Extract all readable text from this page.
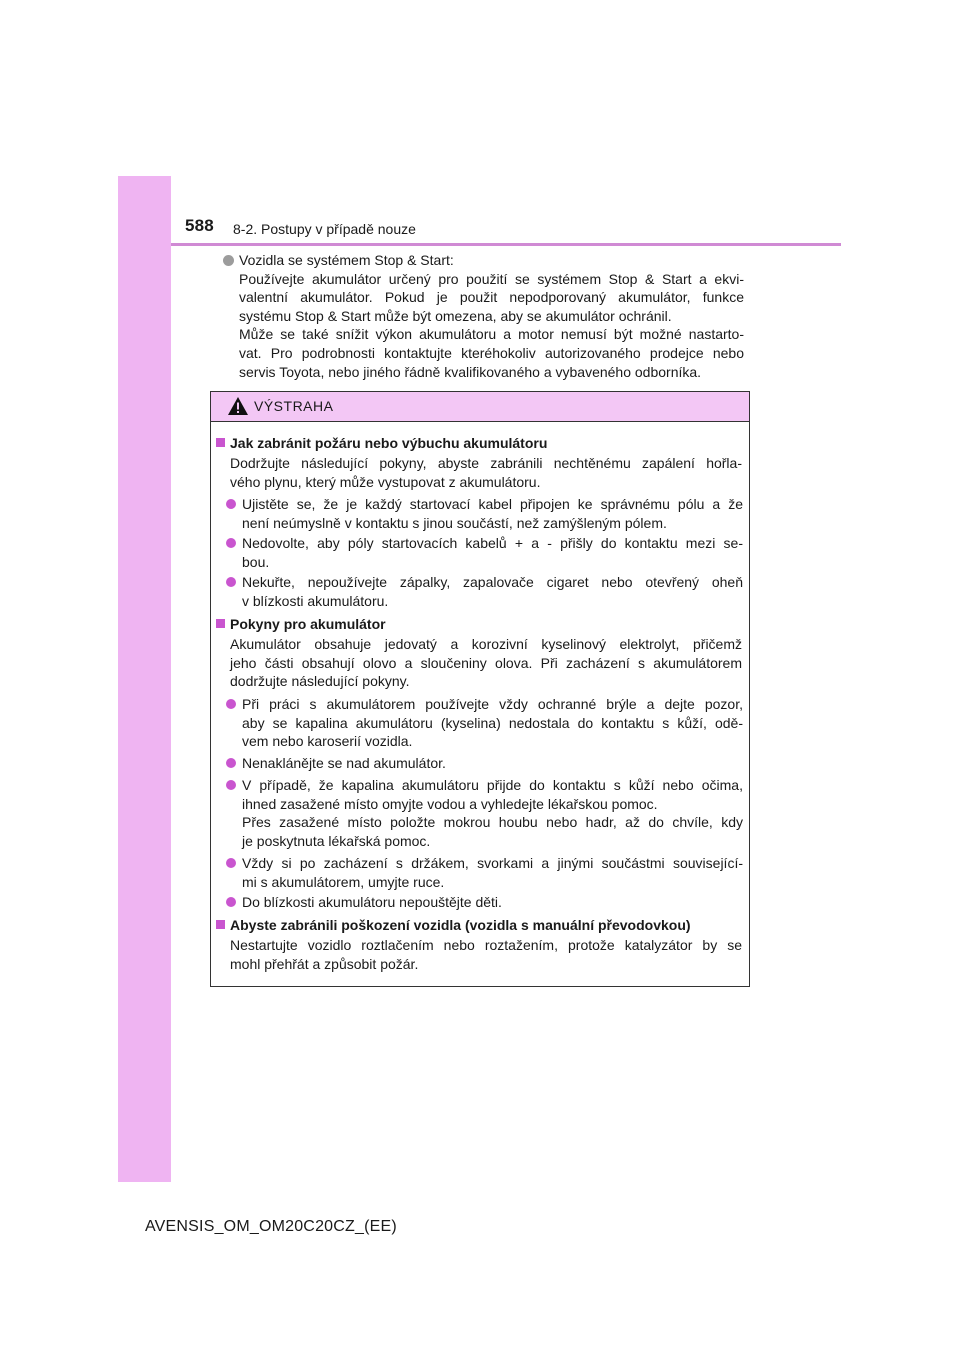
588 8-2. Postupy v případě nouze
Vozidla se systémem Stop & Start:
Používejte akumulátor určený pro použití se systémem Stop & Start a ekvi-
valentní akumulátor. Pokud je použit nepodporovaný akumulátor, funkce
systému Stop & Start může být omezena, aby se akumulátor ochránil.
Může se také snížit výkon akumulátoru a motor nemusí být možné nastarto-
vat. Pro podrobnosti kontaktujte kteréhokoliv autorizovaného prodejce nebo
servis Toyota, nebo jiného řádně kvalifikovaného a vybaveného odborníka.
VÝSTRAHA
Jak zabránit požáru nebo výbuchu akumulátoru
Dodržujte následující pokyny, abyste zabránili nechtěnému zapálení hořla-
vého plynu, který může vystupovat z akumulátoru.
Ujistěte se, že je každý startovací kabel připojen ke správnému pólu a že
není neúmyslně v kontaktu s jinou součástí, než zamýšleným pólem.
Nedovolte, aby póly startovacích kabelů + a - přišly do kontaktu mezi se-
bou.
Nekuřte, nepoužívejte zápalky, zapalovače cigaret nebo otevřený oheň
v blízkosti akumulátoru.
Pokyny pro akumulátor
Akumulátor obsahuje jedovatý a korozivní kyselinový elektrolyt, přičemž
jeho části obsahují olovo a sloučeniny olova. Při zacházení s akumulátorem
dodržujte následující pokyny.
Při práci s akumulátorem používejte vždy ochranné brýle a dejte pozor,
aby se kapalina akumulátoru (kyselina) nedostala do kontaktu s kůží, odě-
vem nebo karoserií vozidla.
Nenaklánějte se nad akumulátor.
V případě, že kapalina akumulátoru přijde do kontaktu s kůží nebo očima,
ihned zasažené místo omyjte vodou a vyhledejte lékařskou pomoc.
Přes zasažené místo položte mokrou houbu nebo hadr, až do chvíle, kdy
je poskytnuta lékařská pomoc.
Vždy si po zacházení s držákem, svorkami a jinými součástmi související-
mi s akumulátorem, umyjte ruce.
Do blízkosti akumulátoru nepouštějte děti.
Abyste zabránili poškození vozidla (vozidla s manuální převodovkou)
Nestartujte vozidlo roztlačením nebo roztažením, protože katalyzátor by se
mohl přehřát a způsobit požár.
AVENSIS_OM_OM20C20CZ_(EE)
